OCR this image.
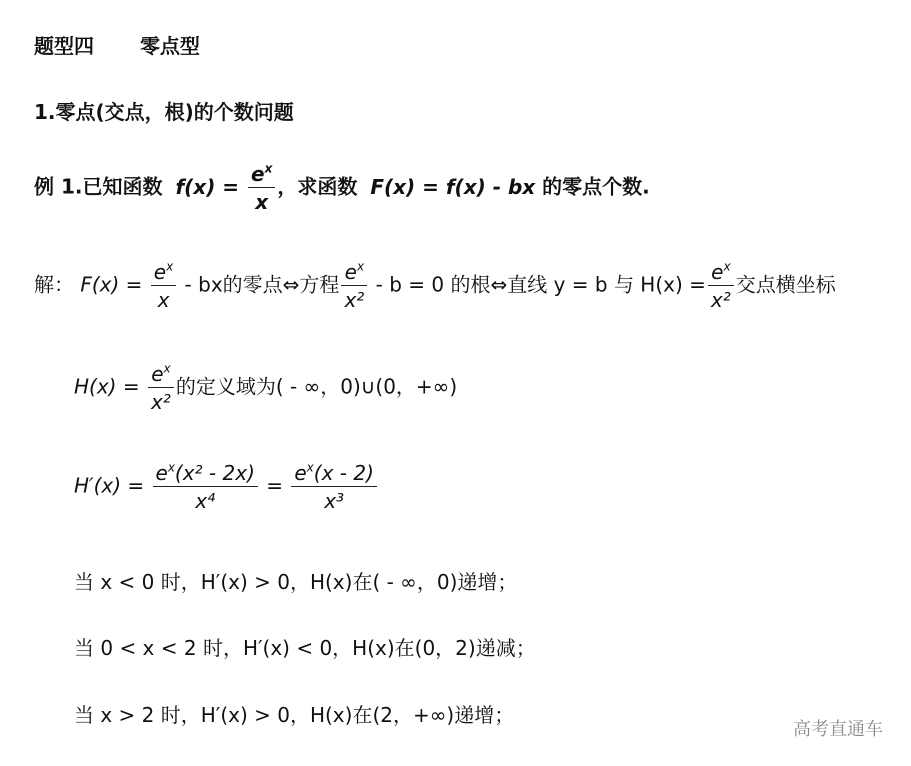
题型四 零点型
1.零点(交点，根)的个数问题
例 1.已知函数 $f(x) = \frac{e^x}{x}$ ，求函数 F(x) = f(x) - bx 的零点个数.
解： $F(x) = \frac{e^x}{x}$ - bx的零点⇔方程 $\frac{e^x}{\text{x²}} - b = 0$ 的根⇔直线 y = b 与 $H(x) = \frac{e^x}{\text{x²}}$ 交点横坐标
$H(x) = \frac{e^x}{\text{x²}}$ 的定义域为( - ∞，0)∪(0，+∞)
$H'(x) = \frac{e^x(x^2 - 2x)}{\text{x⁴}} = \frac{e^x(x - 2)}{\text{x³}}$
当 x < 0 时，H′(x) > 0，H(x)在( - ∞，0)递增；
当 0 < x < 2 时，H′(x) < 0，H(x)在(0，2)递减；
当 x > 2 时，H′(x) > 0，H(x)在(2，+∞)递增；
高考直通车
